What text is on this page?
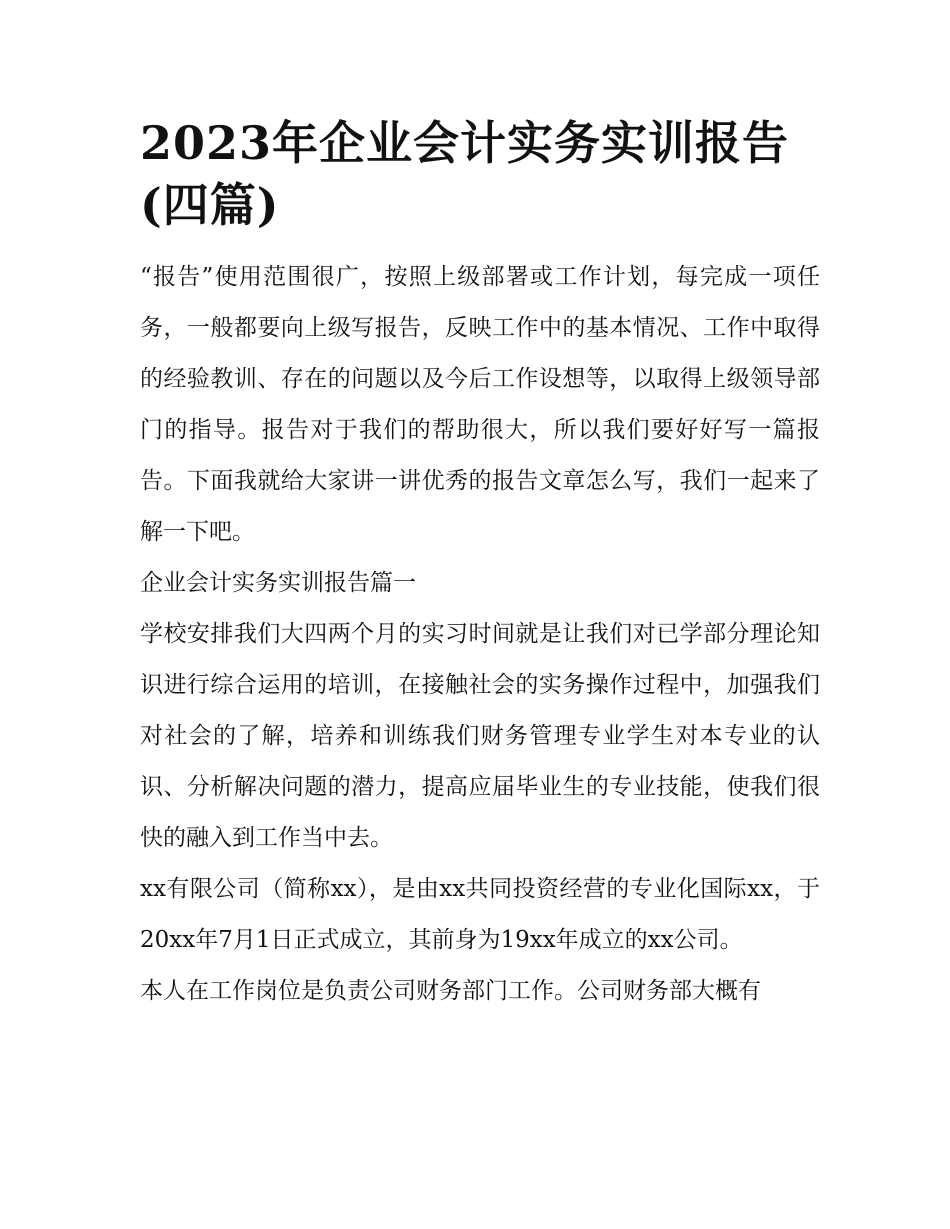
2023年企业会计实务实训报告(四篇)

“报告”使用范围很广，按照上级部署或工作计划，每完成一项任务，一般都要向上级写报告，反映工作中的基本情况、工作中取得的经验教训、存在的问题以及今后工作设想等，以取得上级领导部门的指导。报告对于我们的帮助很大，所以我们要好好写一篇报告。下面我就给大家讲一讲优秀的报告文章怎么写，我们一起来了解一下吧。

企业会计实务实训报告篇一

学校安排我们大四两个月的实习时间就是让我们对已学部分理论知识进行综合运用的培训，在接触社会的实务操作过程中，加强我们对社会的了解，培养和训练我们财务管理专业学生对本专业的认识、分析解决问题的潜力，提高应届毕业生的专业技能，使我们很快的融入到工作当中去。

xx有限公司（简称xx），是由xx共同投资经营的专业化国际xx，于20xx年7月1日正式成立，其前身为19xx年成立的xx公司。

本人在工作岗位是负责公司财务部门工作。公司财务部大概有
